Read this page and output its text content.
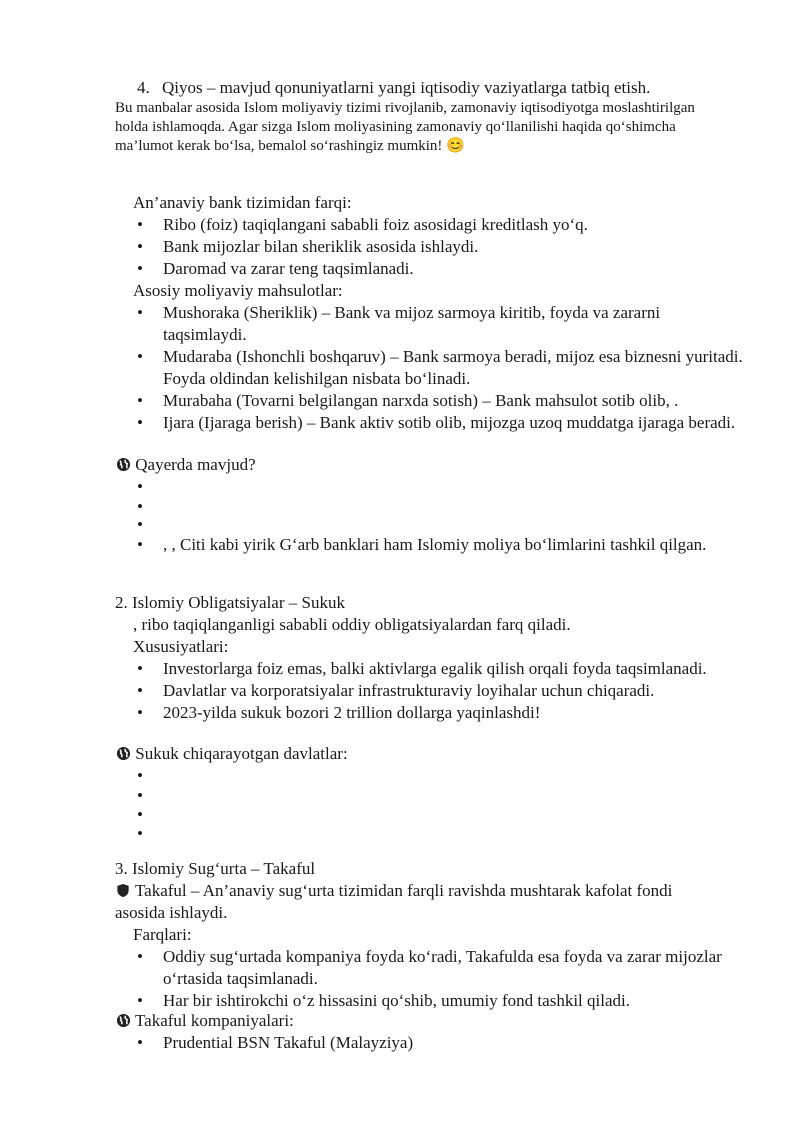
4. Qiyos – mavjud qonuniyatlarni yangi iqtisodiy vaziyatlarga tatbiq etish.

Bu manbalar asosida Islom moliyaviy tizimi rivojlanib, zamonaviy iqtisodiyotga moslashtirilgan

holda ishlamoqda. Agar sizga Islom moliyasining zamonaviy qo‘llanilishi haqida qo‘shimcha

ma’lumot kerak bo‘lsa, bemalol so‘rashingiz mumkin! 😊

An’anaviy bank tizimidan farqi:
• Ribo (foiz) taqiqlangani sababli foiz asosidagi kreditlash yo‘q.
• Bank mijozlar bilan sheriklik asosida ishlaydi.
• Daromad va zarar teng taqsimlanadi.
Asosiy moliyaviy mahsulotlar:
• Mushoraka (Sheriklik) – Bank va mijoz sarmoya kiritib, foyda va zararni taqsimlaydi.
• Mudaraba (Ishonchli boshqaruv) – Bank sarmoya beradi, mijoz esa biznesni yuritadi. Foyda oldindan kelishilgan nisbata bo‘linadi.
• Murabaha (Tovarni belgilangan narxda sotish) – Bank mahsulot sotib olib, .
• Ijara (Ijaraga berish) – Bank aktiv sotib olib, mijozga uzoq muddatga ijaraga beradi.
Qayerda mavjud?
•
•
•
• , , Citi kabi yirik G‘arb banklari ham Islomiy moliya bo‘limlarini tashkil qilgan.
2. Islomiy Obligatsiyalar – Sukuk
, ribo taqiqlanganligi sababli oddiy obligatsiyalardan farq qiladi.
Xususiyatlari:
• Investorlarga foiz emas, balki aktivlarga egalik qilish orqali foyda taqsimlanadi.
• Davlatlar va korporatsiyalar infrastrukturaviy loyihalar uchun chiqaradi.
• 2023-yilda sukuk bozori 2 trillion dollarga yaqinlashdi!
Sukuk chiqarayotgan davlatlar:
•
•
•
•
3. Islomiy Sug‘urta – Takaful
Takaful – An’anaviy sug‘urta tizimidan farqli ravishda mushtarak kafolat fondi
asosida ishlaydi.
Farqlari:
• Oddiy sug‘urtada kompaniya foyda ko‘radi, Takafulda esa foyda va zarar mijozlar o‘rtasida taqsimlanadi.
• Har bir ishtirokchi o‘z hissasini qo‘shib, umumiy fond tashkil qiladi.
Takaful kompaniyalari:
• Prudential BSN Takaful (Malayziya)
